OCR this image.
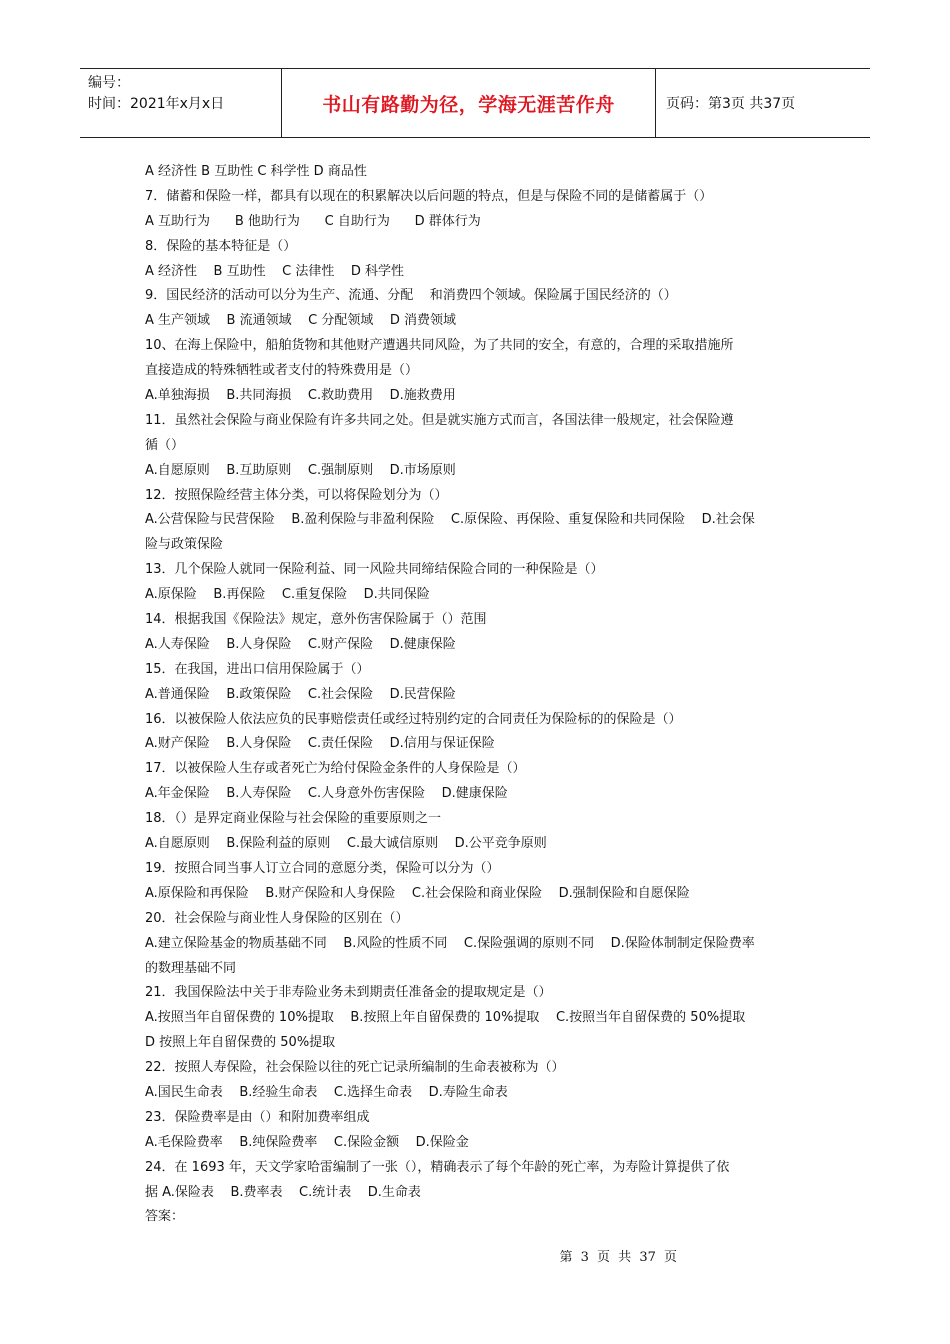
编号：
时间：2021年x月x日	书山有路勤为径，学海无涯苦作舟	页码：第3页 共37页
A 经济性 B 互助性 C 科学性 D 商品性
7．储蓄和保险一样，都具有以现在的积累解决以后问题的特点，但是与保险不同的是储蓄属于（）
A 互助行为      B 他助行为      C 自助行为      D 群体行为
8．保险的基本特征是（）
A 经济性    B 互助性    C 法律性    D 科学性
9．国民经济的活动可以分为生产、流通、分配    和消费四个领域。保险属于国民经济的（）
A 生产领域    B 流通领域    C 分配领域    D 消费领域
10、在海上保险中，船舶货物和其他财产遭遇共同风险，为了共同的安全，有意的，合理的采取措施所
直接造成的特殊牺牲或者支付的特殊费用是（）
A.单独海损    B.共同海损    C.救助费用    D.施救费用
11．虽然社会保险与商业保险有许多共同之处。但是就实施方式而言，各国法律一般规定，社会保险遵
循（）
A.自愿原则    B.互助原则    C.强制原则    D.市场原则
12．按照保险经营主体分类，可以将保险划分为（）
A.公营保险与民营保险    B.盈利保险与非盈利保险    C.原保险、再保险、重复保险和共同保险    D.社会保
险与政策保险
13．几个保险人就同一保险利益、同一风险共同缔结保险合同的一种保险是（）
A.原保险    B.再保险    C.重复保险    D.共同保险
14．根据我国《保险法》规定，意外伤害保险属于（）范围
A.人寿保险    B.人身保险    C.财产保险    D.健康保险
15．在我国，进出口信用保险属于（）
A.普通保险    B.政策保险    C.社会保险    D.民营保险
16．以被保险人依法应负的民事赔偿责任或经过特别约定的合同责任为保险标的的保险是（）
A.财产保险    B.人身保险    C.责任保险    D.信用与保证保险
17．以被保险人生存或者死亡为给付保险金条件的人身保险是（）
A.年金保险    B.人寿保险    C.人身意外伤害保险    D.健康保险
18．（）是界定商业保险与社会保险的重要原则之一
A.自愿原则    B.保险利益的原则    C.最大诚信原则    D.公平竞争原则
19．按照合同当事人订立合同的意愿分类，保险可以分为（）
A.原保险和再保险    B.财产保险和人身保险    C.社会保险和商业保险    D.强制保险和自愿保险
20．社会保险与商业性人身保险的区别在（）
A.建立保险基金的物质基础不同    B.风险的性质不同    C.保险强调的原则不同    D.保险体制制定保险费率
的数理基础不同
21．我国保险法中关于非寿险业务未到期责任准备金的提取规定是（）
A.按照当年自留保费的 10%提取    B.按照上年自留保费的 10%提取    C.按照当年自留保费的 50%提取
D 按照上年自留保费的 50%提取
22．按照人寿保险，社会保险以往的死亡记录所编制的生命表被称为（）
A.国民生命表    B.经验生命表    C.选择生命表    D.寿险生命表
23．保险费率是由（）和附加费率组成
A.毛保险费率    B.纯保险费率    C.保险金额    D.保险金
24．在 1693 年，天文学家哈雷编制了一张（），精确表示了每个年龄的死亡率，为寿险计算提供了依
据 A.保险表    B.费率表    C.统计表    D.生命表
答案：
第 3 页 共 37 页
